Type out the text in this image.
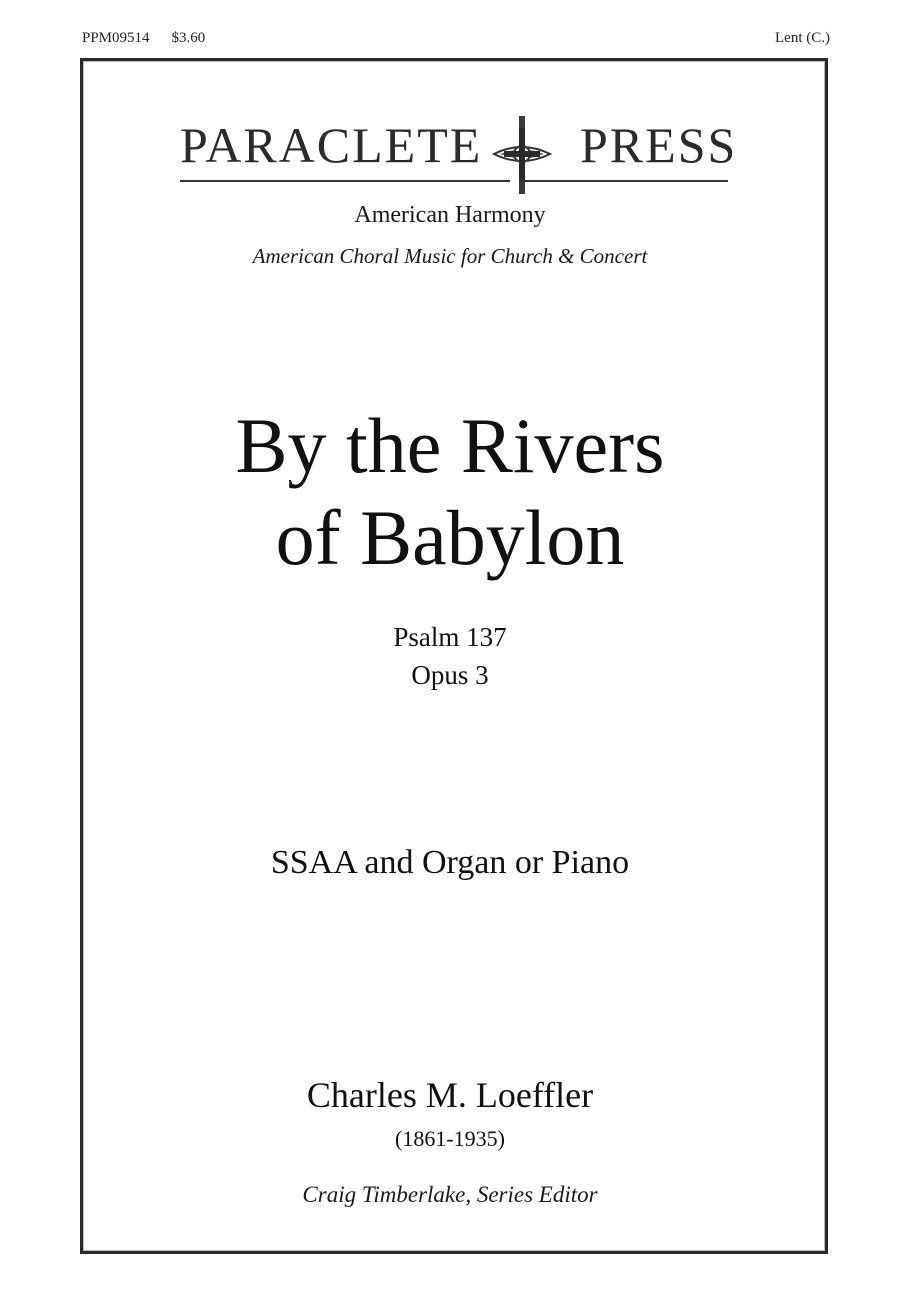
PPM09514 $3.60	Lent (C.)
PARACLETE PRESS
American Harmony
American Choral Music for Church & Concert
By the Rivers
of Babylon
Psalm 137
Opus 3
SSAA and Organ or Piano
Charles M. Loeffler
(1861-1935)
Craig Timberlake, Series Editor
